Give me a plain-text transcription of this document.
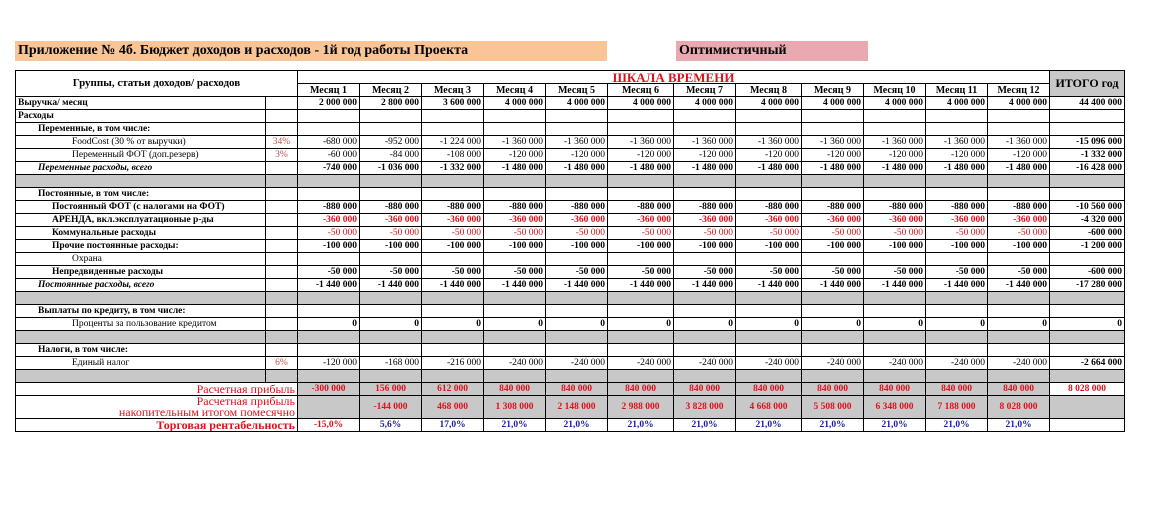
Приложение № 4б. Бюджет доходов и расходов - 1й год работы Проекта	Оптимистичный
Группы, статьи доходов/ расходов		ШКАЛА ВРЕМЕНИ												ИТОГО год
		Месяц 1	Месяц 2	Месяц 3	Месяц 4	Месяц 5	Месяц 6	Месяц 7	Месяц 8	Месяц 9	Месяц 10	Месяц 11	Месяц 12	
Выручка/ месяц		2 000 000	2 800 000	3 600 000	4 000 000	4 000 000	4 000 000	4 000 000	4 000 000	4 000 000	4 000 000	4 000 000	4 000 000	44 400 000
Расходы														
Переменные, в том числе:														
FoodCost (30 % от выручки)	34%	-680 000	-952 000	-1 224 000	-1 360 000	-1 360 000	-1 360 000	-1 360 000	-1 360 000	-1 360 000	-1 360 000	-1 360 000	-1 360 000	-15 096 000
Переменный ФОТ (доп.резерв)	3%	-60 000	-84 000	-108 000	-120 000	-120 000	-120 000	-120 000	-120 000	-120 000	-120 000	-120 000	-120 000	-1 332 000
Переменные расходы, всего		-740 000	-1 036 000	-1 332 000	-1 480 000	-1 480 000	-1 480 000	-1 480 000	-1 480 000	-1 480 000	-1 480 000	-1 480 000	-1 480 000	-16 428 000

Постоянные, в том числе:														
Постоянный ФОТ (с налогами на ФОТ)		-880 000	-880 000	-880 000	-880 000	-880 000	-880 000	-880 000	-880 000	-880 000	-880 000	-880 000	-880 000	-10 560 000
АРЕНДА, вкл.эксплуатационые р-ды		-360 000	-360 000	-360 000	-360 000	-360 000	-360 000	-360 000	-360 000	-360 000	-360 000	-360 000	-360 000	-4 320 000
Коммунальные расходы		-50 000	-50 000	-50 000	-50 000	-50 000	-50 000	-50 000	-50 000	-50 000	-50 000	-50 000	-50 000	-600 000
Прочие постоянные расходы:		-100 000	-100 000	-100 000	-100 000	-100 000	-100 000	-100 000	-100 000	-100 000	-100 000	-100 000	-100 000	-1 200 000
Охрана														
Непредвиденные расходы		-50 000	-50 000	-50 000	-50 000	-50 000	-50 000	-50 000	-50 000	-50 000	-50 000	-50 000	-50 000	-600 000
Постоянные расходы, всего		-1 440 000	-1 440 000	-1 440 000	-1 440 000	-1 440 000	-1 440 000	-1 440 000	-1 440 000	-1 440 000	-1 440 000	-1 440 000	-1 440 000	-17 280 000

Выплаты по кредиту, в том числе:														
Проценты за пользование кредитом		0	0	0	0	0	0	0	0	0	0	0	0	0

Налоги, в том числе:														
Единый налог	6%	-120 000	-168 000	-216 000	-240 000	-240 000	-240 000	-240 000	-240 000	-240 000	-240 000	-240 000	-240 000	-2 664 000

Расчетная прибыль		-300 000	156 000	612 000	840 000	840 000	840 000	840 000	840 000	840 000	840 000	840 000	840 000	8 028 000

Расчетная прибыль
накопительным итогом помесячно			-144 000	468 000	1 308 000	2 148 000	2 988 000	3 828 000	4 668 000	5 508 000	6 348 000	7 188 000	8 028 000	
Торговая рентабельность		-15,0%	5,6%	17,0%	21,0%	21,0%	21,0%	21,0%	21,0%	21,0%	21,0%	21,0%	21,0%	
